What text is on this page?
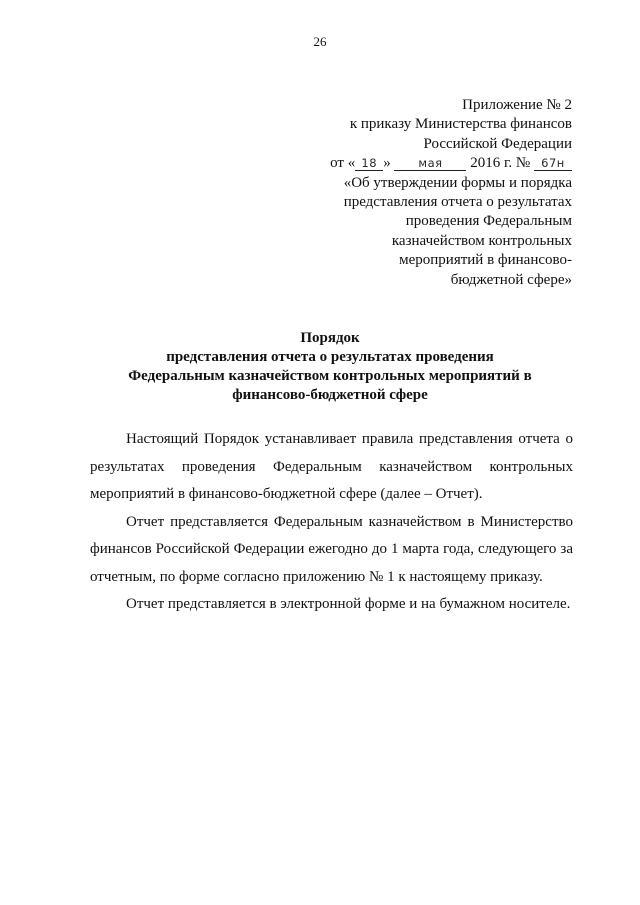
26
Приложение № 2
к приказу Министерства финансов
Российской Федерации
от « 18 » мая 2016 г. № 67н
«Об утверждении формы и порядка
представления отчета о результатах
проведения Федеральным
казначейством контрольных
мероприятий в финансово-
бюджетной сфере»
Порядок
представления отчета о результатах проведения
Федеральным казначейством контрольных мероприятий в
финансово-бюджетной сфере
Настоящий Порядок устанавливает правила представления отчета о
результатах проведения Федеральным казначейством контрольных
мероприятий в финансово-бюджетной сфере (далее – Отчет).
Отчет представляется Федеральным казначейством в Министерство
финансов Российской Федерации ежегодно до 1 марта года, следующего за
отчетным, по форме согласно приложению № 1 к настоящему приказу.
Отчет представляется в электронной форме и на бумажном носителе.
